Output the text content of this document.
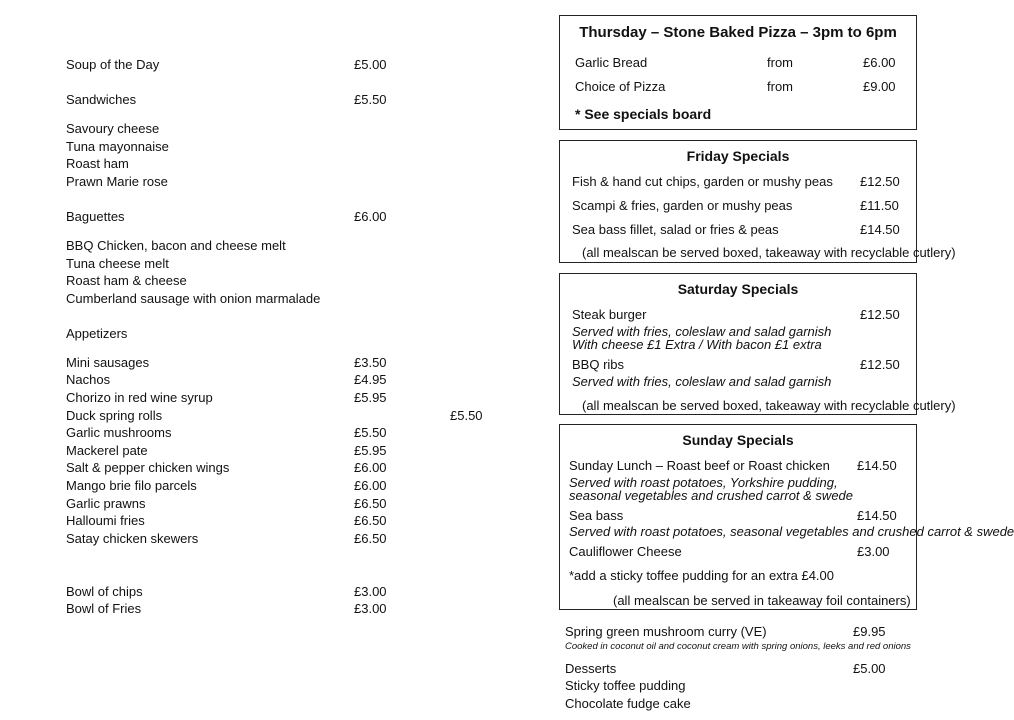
Soup of the Day	£5.00
Sandwiches	£5.50
Savoury cheese
Tuna mayonnaise
Roast ham
Prawn Marie rose
Baguettes	£6.00
BBQ Chicken, bacon and cheese melt
Tuna cheese melt
Roast ham & cheese
Cumberland sausage with onion marmalade
Appetizers
Mini sausages	£3.50
Nachos	£4.95
Chorizo in red wine syrup	£5.95
Duck spring rolls	£5.50
Garlic mushrooms	£5.50
Mackerel pate	£5.95
Salt & pepper chicken wings	£6.00
Mango brie filo parcels	£6.00
Garlic prawns	£6.50
Halloumi fries	£6.50
Satay chicken skewers	£6.50
Bowl of chips	£3.00
Bowl of Fries	£3.00
Thursday – Stone Baked Pizza – 3pm to 6pm
Garlic Bread	from	£6.00
Choice of Pizza	from	£9.00
* See specials board
Friday Specials
Fish & hand cut chips, garden or mushy peas £12.50
Scampi & fries, garden or mushy peas	£11.50
Sea bass fillet, salad or fries & peas	£14.50
(all mealscan be served boxed, takeaway with recyclable cutlery)
Saturday Specials
Steak burger	£12.50
Served with fries, coleslaw and salad garnish
With cheese £1 Extra / With bacon £1 extra
BBQ ribs	£12.50
Served with fries, coleslaw and salad garnish
(all mealscan be served boxed, takeaway with recyclable cutlery)
Sunday Specials
Sunday Lunch – Roast beef or Roast chicken £14.50
Served with roast potatoes, Yorkshire pudding,
seasonal vegetables and crushed carrot & swede
Sea bass	£14.50
Served with roast potatoes, seasonal vegetables and crushed carrot & swede
Cauliflower Cheese	£3.00
*add a sticky toffee pudding for an extra £4.00
(all mealscan be served in takeaway foil containers)
Spring green mushroom curry (VE)	£9.95
Cooked in coconut oil and coconut cream with spring onions, leeks and red onions
Desserts	£5.00
Sticky toffee pudding
Chocolate fudge cake
